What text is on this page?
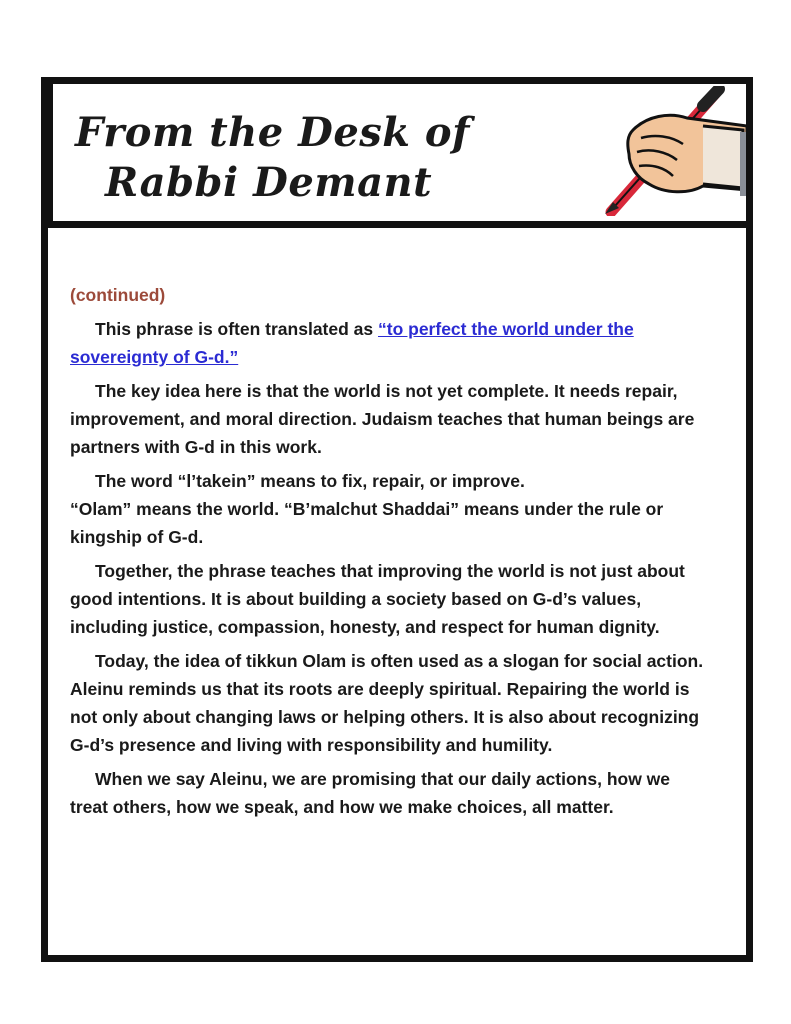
From the Desk of
Rabbi Demant

(continued)

This phrase is often translated as “to perfect the world under the sovereignty of G-d.”

The key idea here is that the world is not yet complete. It needs repair, improvement, and moral direction. Judaism teaches that human beings are partners with G-d in this work.

The word “l’takein” means to fix, repair, or improve.
“Olam” means the world. “B’malchut Shaddai” means under the rule or kingship of G-d.

Together, the phrase teaches that improving the world is not just about good intentions. It is about building a society based on G-d’s values, including justice, compassion, honesty, and respect for human dignity.

Today, the idea of tikkun Olam is often used as a slogan for social action. Aleinu reminds us that its roots are deeply spiritual. Repairing the world is not only about changing laws or helping others. It is also about recognizing G-d’s presence and living with responsibility and humility.

When we say Aleinu, we are promising that our daily actions, how we treat others, how we speak, and how we make choices, all matter.
